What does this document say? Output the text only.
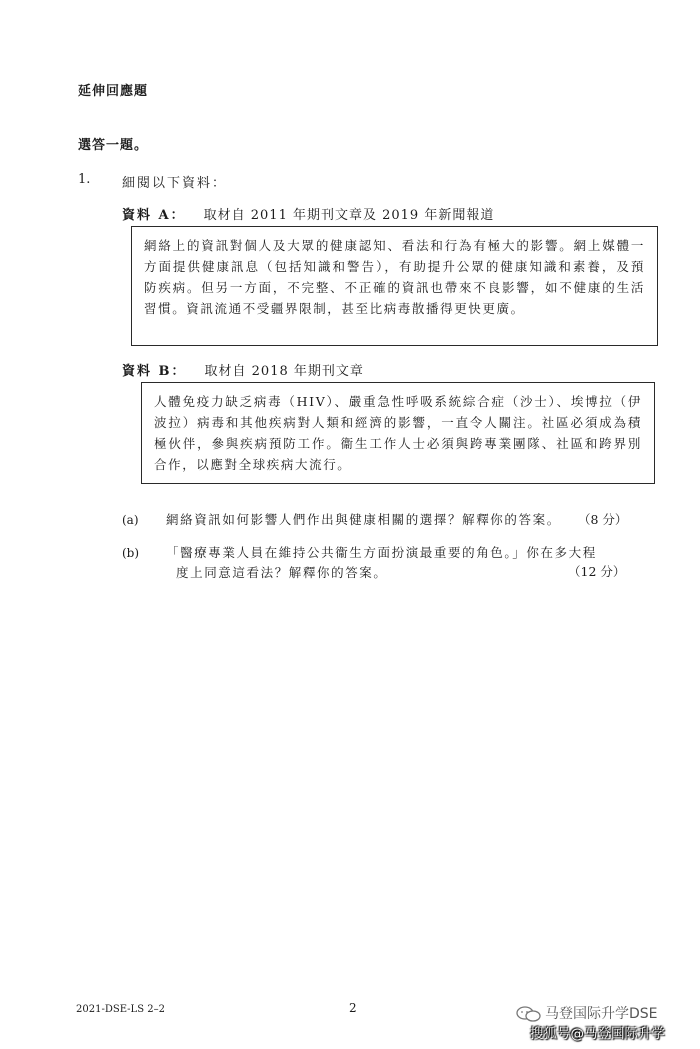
延伸回應題
選答一題。
1. 細閱以下資料：
資料 A： 取材自 2011 年期刊文章及 2019 年新聞報道
網絡上的資訊對個人及大眾的健康認知、看法和行為有極大的影響。網上媒體一方面提供健康訊息（包括知識和警告），有助提升公眾的健康知識和素養，及預防疾病。但另一方面，不完整、不正確的資訊也帶來不良影響，如不健康的生活習慣。資訊流通不受疆界限制，甚至比病毒散播得更快更廣。
資料 B： 取材自 2018 年期刊文章
人體免疫力缺乏病毒（HIV）、嚴重急性呼吸系統綜合症（沙士）、埃博拉（伊波拉）病毒和其他疾病對人類和經濟的影響，一直令人關注。社區必須成為積極伙伴，參與疾病預防工作。衞生工作人士必須與跨專業團隊、社區和跨界別合作，以應對全球疾病大流行。
(a) 網絡資訊如何影響人們作出與健康相關的選擇？解釋你的答案。 （8 分）
(b) 「醫療專業人員在維持公共衞生方面扮演最重要的角色。」你在多大程
度上同意這看法？解釋你的答案。	（12 分）
2021-DSE-LS 2–2	2	马登国际升学DSE
搜狐号@马登国际升学
